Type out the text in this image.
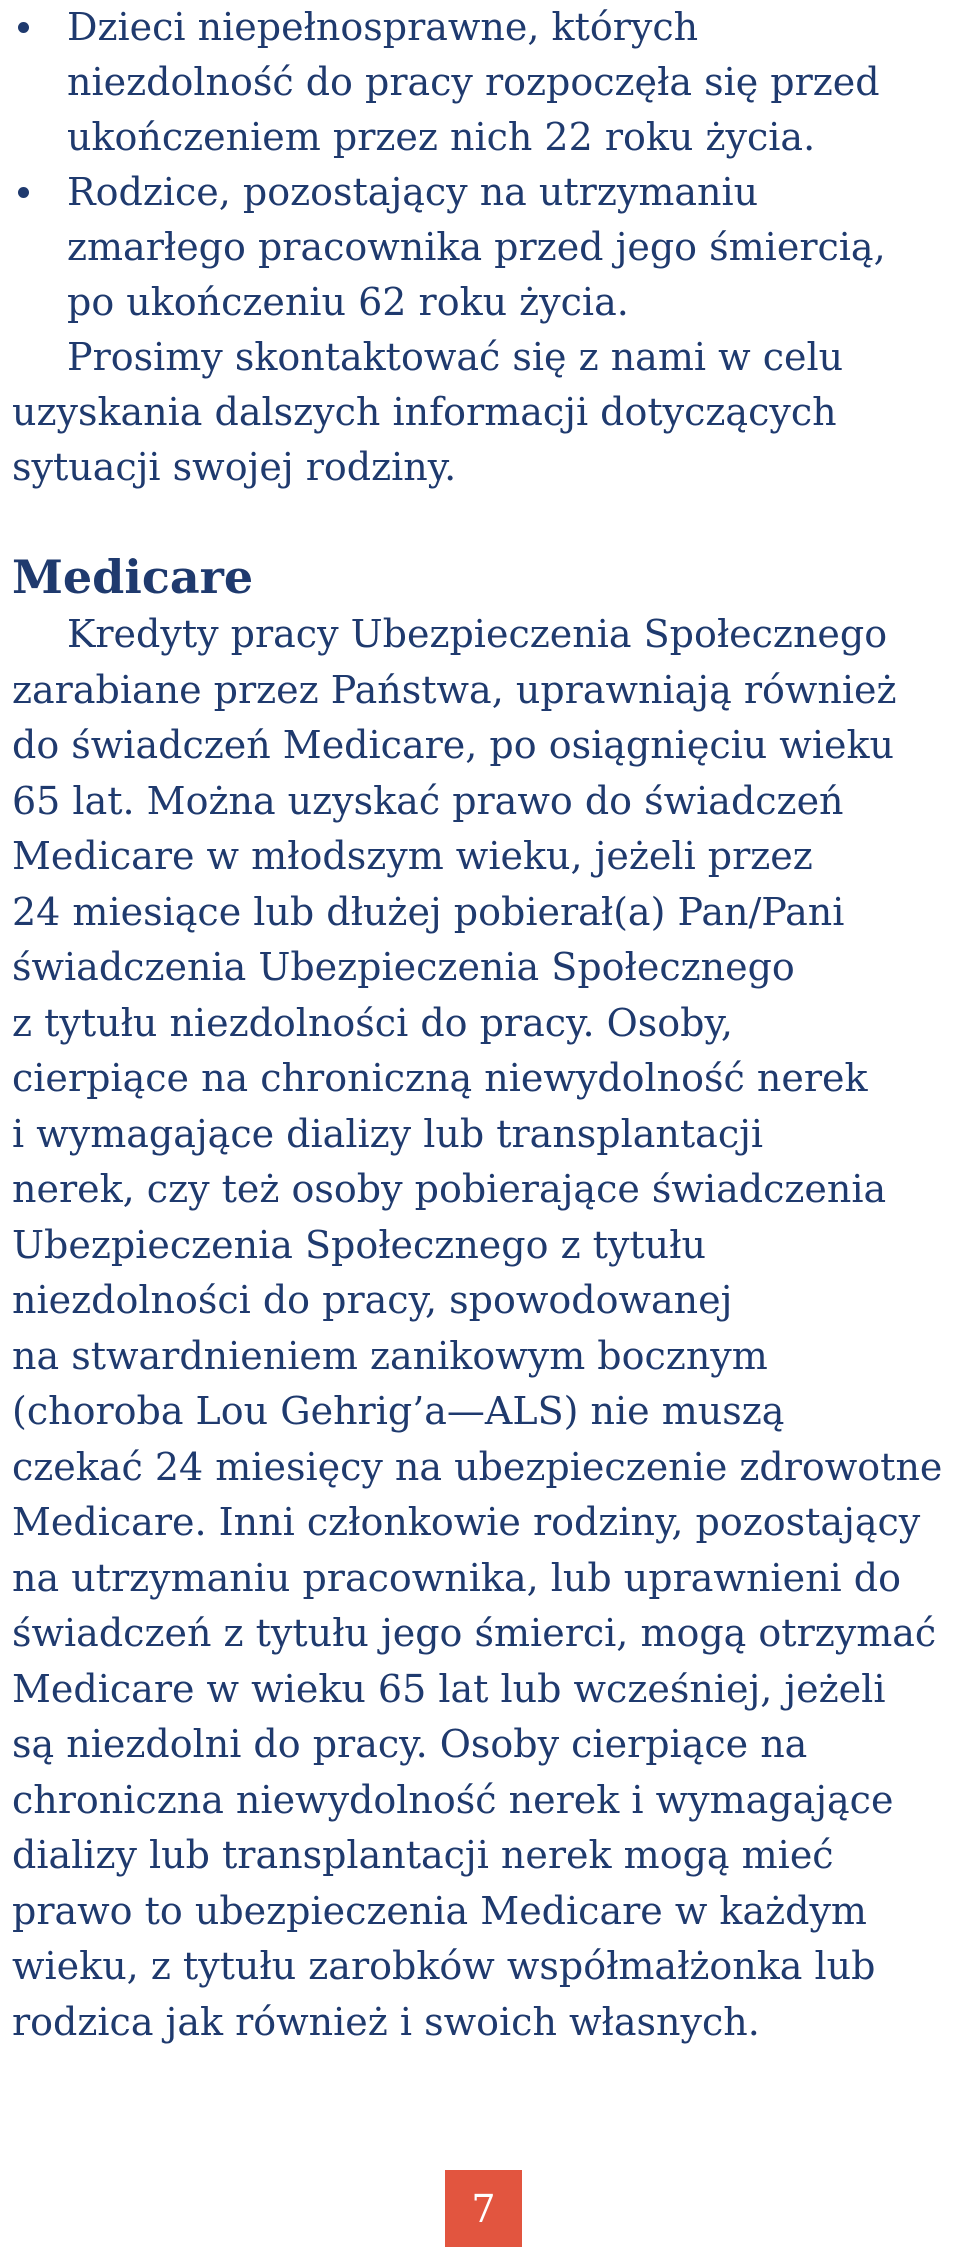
Dzieci niepełnosprawne, których
niezdolność do pracy rozpoczęła się przed
ukończeniem przez nich 22 roku życia.
Rodzice, pozostający na utrzymaniu
zmarłego pracownika przed jego śmiercią,
po ukończeniu 62 roku życia.

Prosimy skontaktować się z nami w celu
uzyskania dalszych informacji dotyczących
sytuacji swojej rodziny.

Medicare

Kredyty pracy Ubezpieczenia Społecznego
zarabiane przez Państwa, uprawniają również
do świadczeń Medicare, po osiągnięciu wieku
65 lat. Można uzyskać prawo do świadczeń
Medicare w młodszym wieku, jeżeli przez
24 miesiące lub dłużej pobierał(a) Pan/Pani
świadczenia Ubezpieczenia Społecznego
z tytułu niezdolności do pracy. Osoby,
cierpiące na chroniczną niewydolność nerek
i wymagające dializy lub transplantacji
nerek, czy też osoby pobierające świadczenia
Ubezpieczenia Społecznego z tytułu
niezdolności do pracy, spowodowanej
na stwardnieniem zanikowym bocznym
(choroba Lou Gehrig’a—ALS) nie muszą
czekać 24 miesięcy na ubezpieczenie zdrowotne
Medicare. Inni członkowie rodziny, pozostający
na utrzymaniu pracownika, lub uprawnieni do
świadczeń z tytułu jego śmierci, mogą otrzymać
Medicare w wieku 65 lat lub wcześniej, jeżeli
są niezdolni do pracy. Osoby cierpiące na
chroniczna niewydolność nerek i wymagające
dializy lub transplantacji nerek mogą mieć
prawo to ubezpieczenia Medicare w każdym
wieku, z tytułu zarobków współmałżonka lub
rodzica jak również i swoich własnych.

7
